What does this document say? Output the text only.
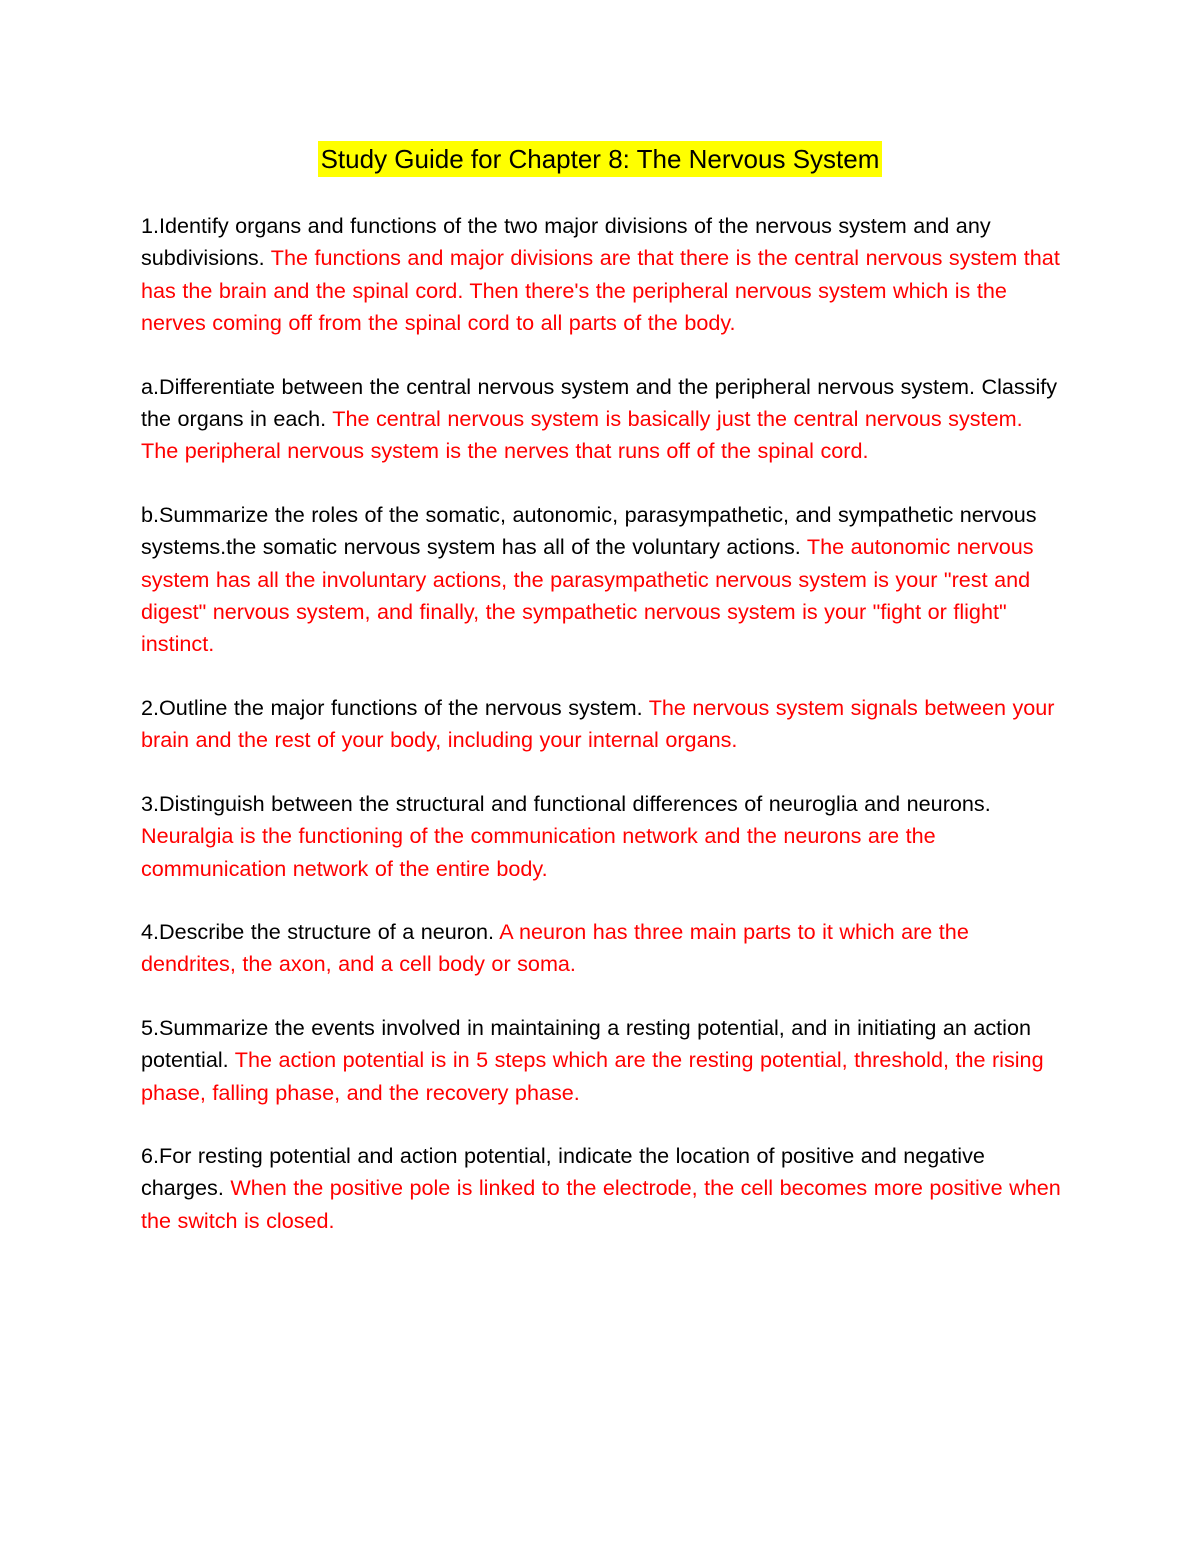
Study Guide for Chapter 8: The Nervous System

1.Identify organs and functions of the two major divisions of the nervous system and any subdivisions. The functions and major divisions are that there is the central nervous system that has the brain and the spinal cord. Then there's the peripheral nervous system which is the nerves coming off from the spinal cord to all parts of the body.

a.Differentiate between the central nervous system and the peripheral nervous system. Classify the organs in each. The central nervous system is basically just the central nervous system. The peripheral nervous system is the nerves that runs off of the spinal cord.

b.Summarize the roles of the somatic, autonomic, parasympathetic, and sympathetic nervous systems.the somatic nervous system has all of the voluntary actions. The autonomic nervous system has all the involuntary actions, the parasympathetic nervous system is your "rest and digest" nervous system, and finally, the sympathetic nervous system is your "fight or flight" instinct.

2.Outline the major functions of the nervous system. The nervous system signals between your brain and the rest of your body, including your internal organs.

3.Distinguish between the structural and functional differences of neuroglia and neurons. Neuralgia is the functioning of the communication network and the neurons are the communication network of the entire body.

4.Describe the structure of a neuron. A neuron has three main parts to it which are the dendrites, the axon, and a cell body or soma.

5.Summarize the events involved in maintaining a resting potential, and in initiating an action potential. The action potential is in 5 steps which are the resting potential, threshold, the rising phase, falling phase, and the recovery phase.

6.For resting potential and action potential, indicate the location of positive and negative charges. When the positive pole is linked to the electrode, the cell becomes more positive when the switch is closed.
